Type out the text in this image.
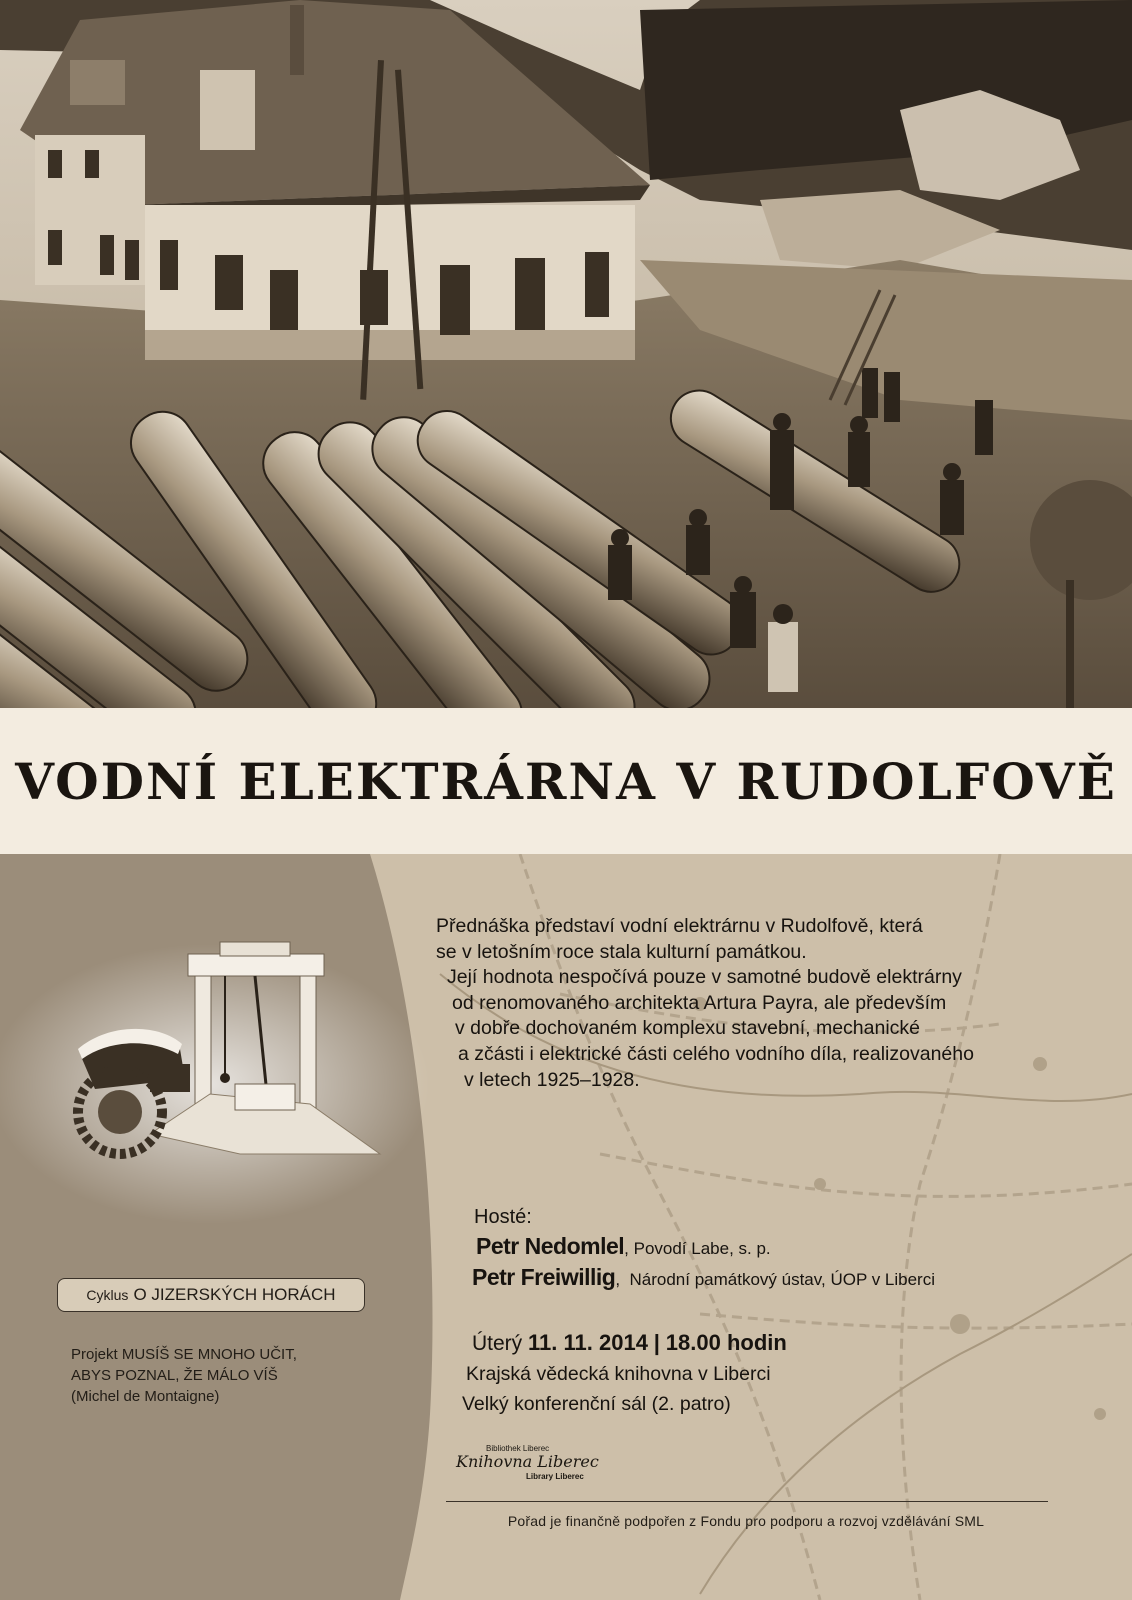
VODNÍ ELEKTRÁRNA V RUDOLFOVĚ
Cyklus O JIZERSKÝCH HORÁCH
Projekt MUSÍŠ SE MNOHO UČIT,
ABYS POZNAL, ŽE MÁLO VÍŠ
(Michel de Montaigne)

Přednáška představí vodní elektrárnu v Rudolfově, která

se v letošním roce stala kulturní památkou.

Její hodnota nespočívá pouze v samotné budově elektrárny

od renomovaného architekta Artura Payra, ale především

v dobře dochovaném komplexu stavební, mechanické

a zčásti i elektrické části celého vodního díla, realizovaného

v letech 1925–1928.

Hosté:
Petr Nedomlel , Povodí Labe, s. p.
Petr Freiwillig ,  Národní památkový ústav, ÚOP v Liberci
Úterý 11. 11. 2014 | 18.00 hodin
Krajská vědecká knihovna v Liberci
Velký konferenční sál (2. patro)
Bibliothek Liberec
Knihovna Liberec
Library Liberec
Pořad je finančně podpořen z Fondu pro podporu a rozvoj vzdělávání SML
